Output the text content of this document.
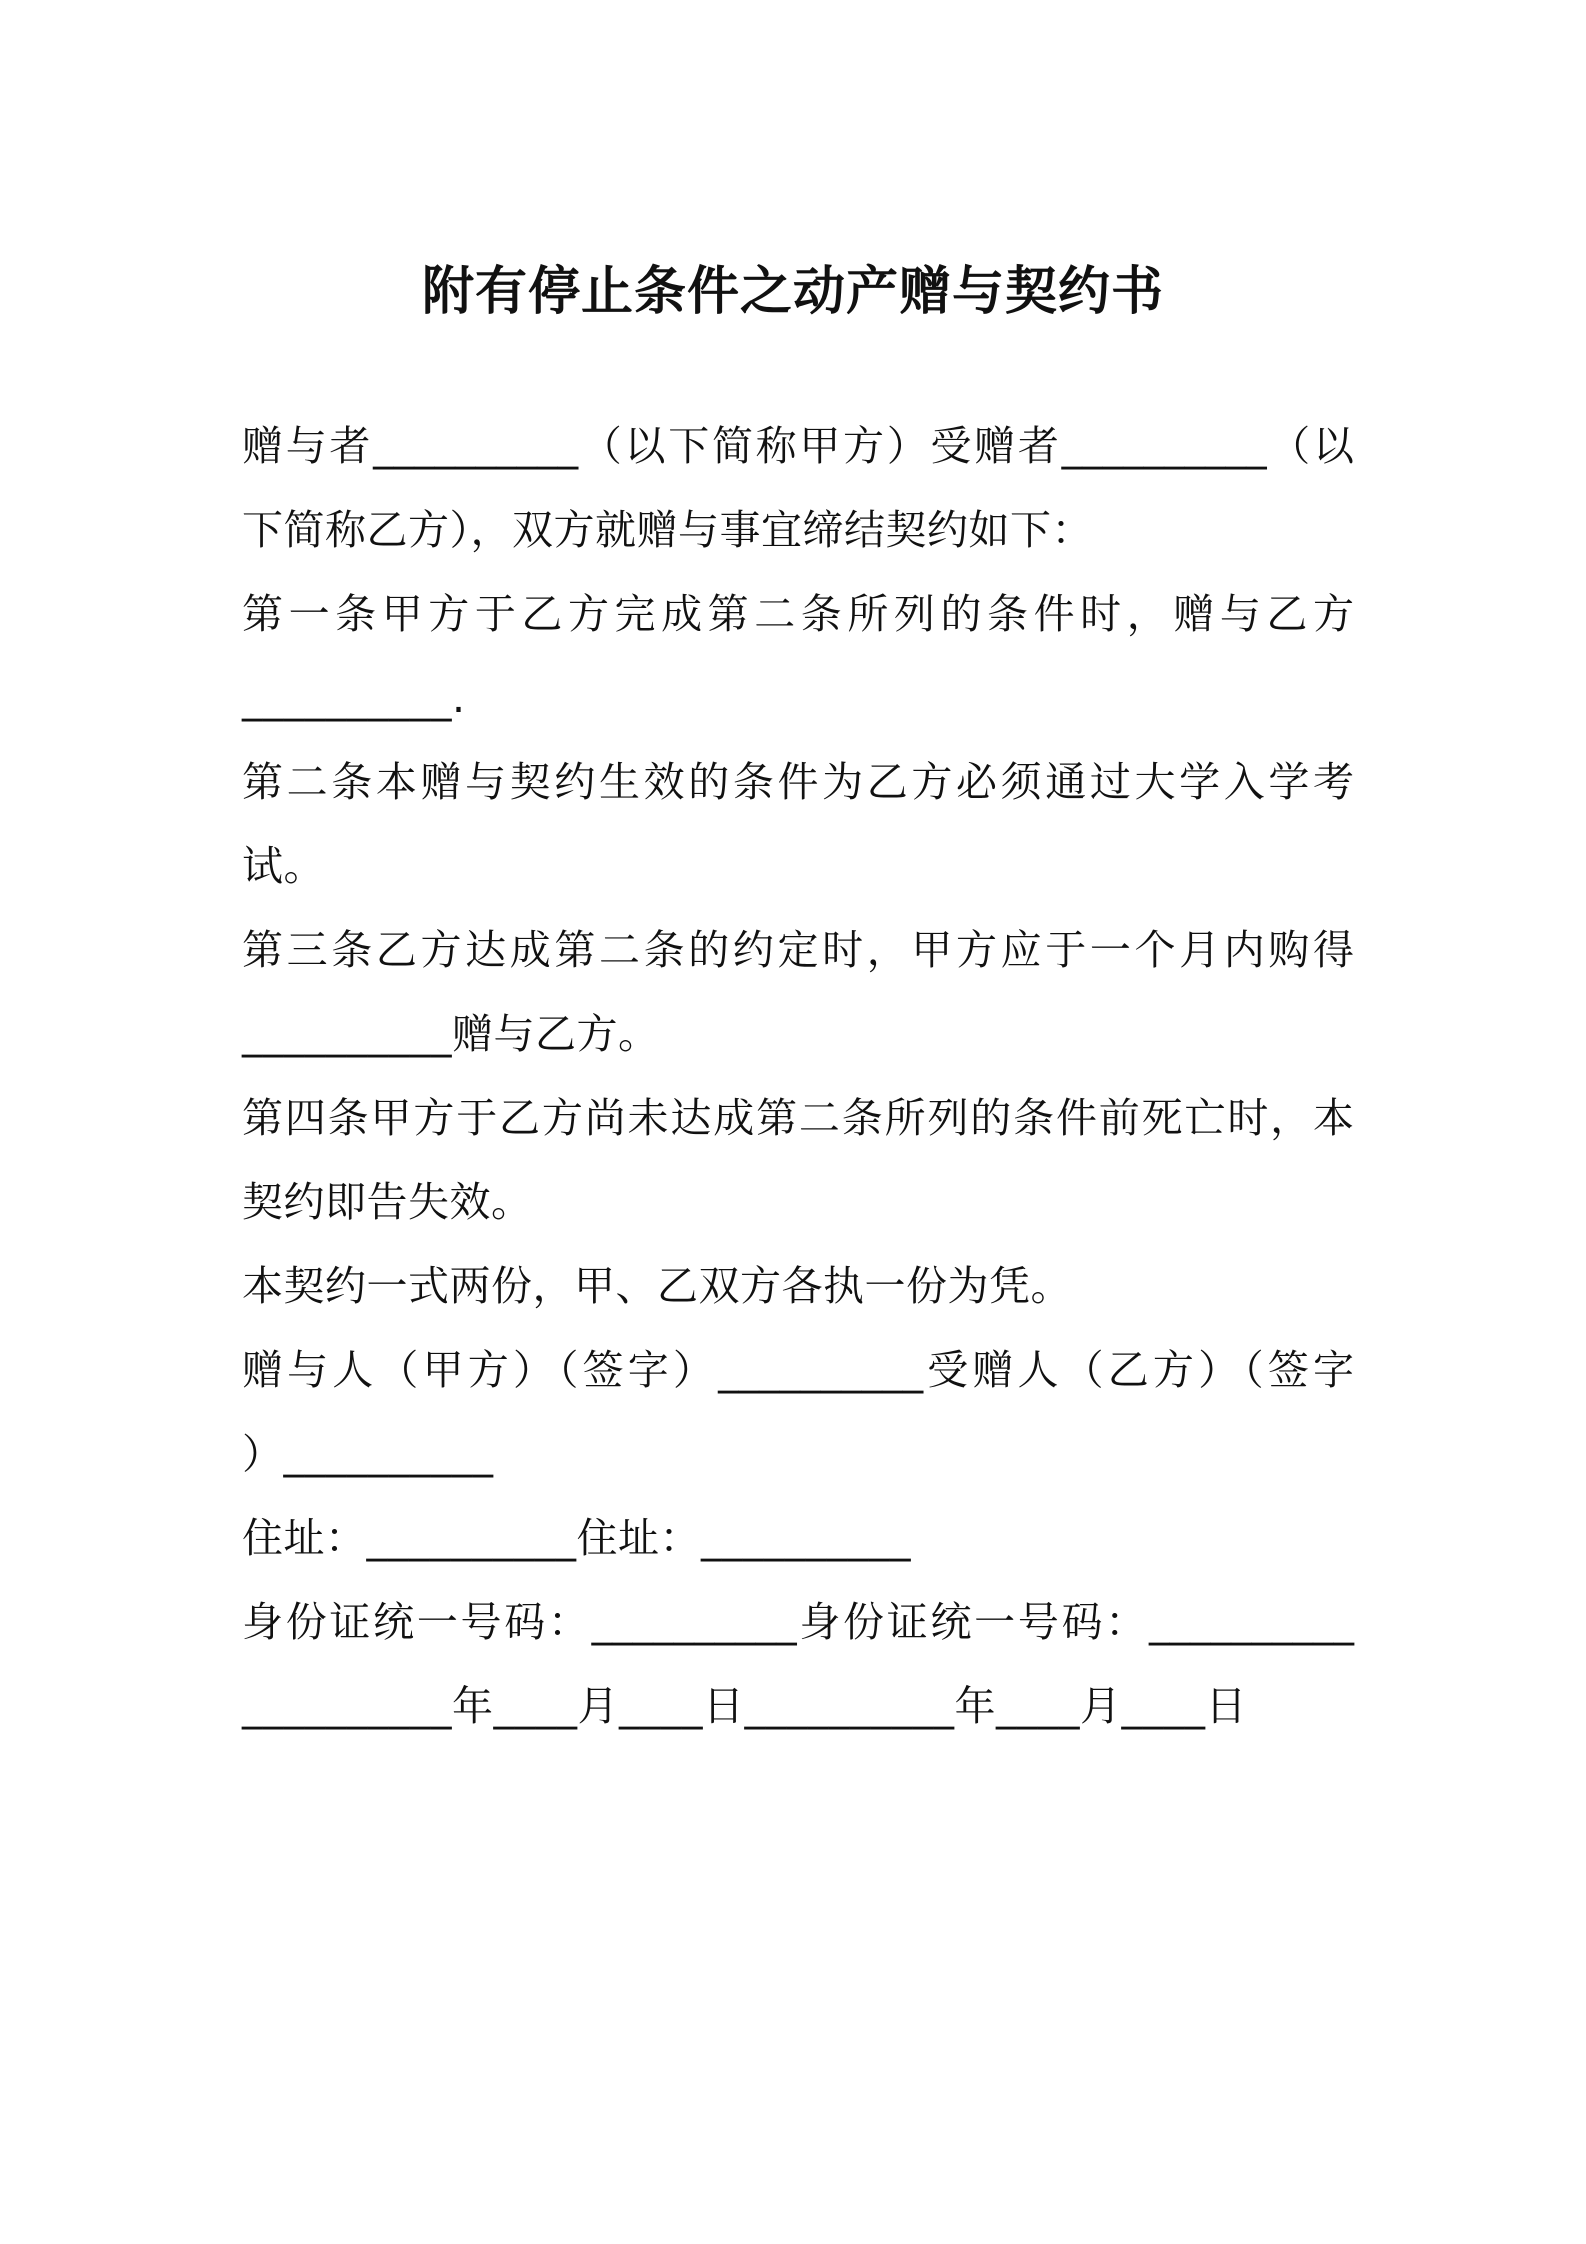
附有停止条件之动产赠与契约书
赠与者__________（以下简称甲方）受赠者__________（以
下简称乙方），双方就赠与事宜缔结契约如下：
第一条甲方于乙方完成第二条所列的条件时，赠与乙方
__________.
第二条本赠与契约生效的条件为乙方必须通过大学入学考
试。
第三条乙方达成第二条的约定时，甲方应于一个月内购得
__________赠与乙方。
第四条甲方于乙方尚未达成第二条所列的条件前死亡时，本
契约即告失效。
本契约一式两份，甲、乙双方各执一份为凭。
赠与人（甲方）（签字）__________受赠人（乙方）（签字
）__________
住址：__________住址：__________
身份证统一号码：__________身份证统一号码：__________
__________年____月____日__________年____月____日
